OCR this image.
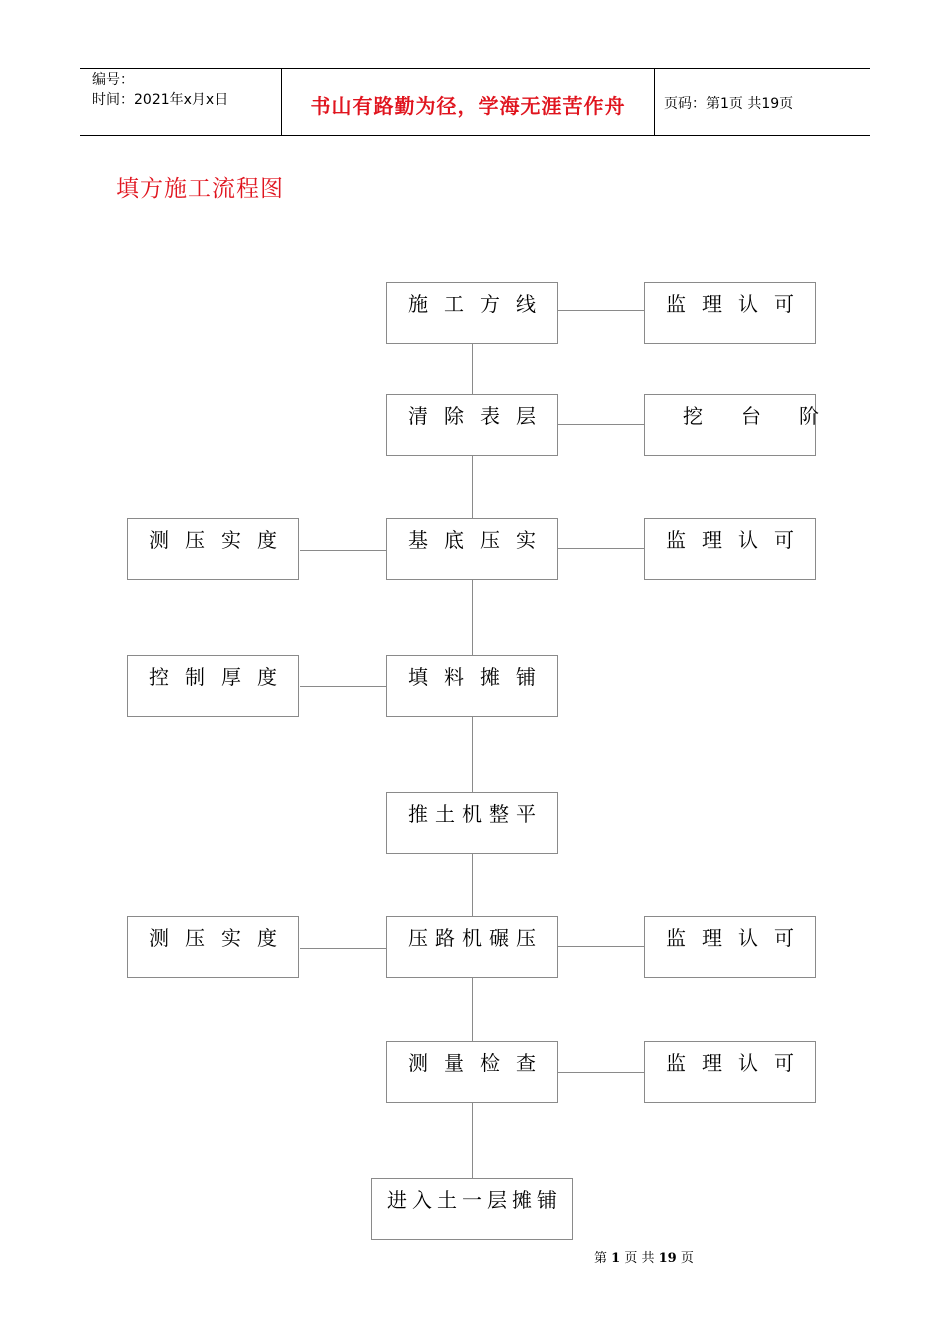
编号：
时间：2021年x月x日	书山有路勤为径，学海无涯苦作舟	页码：第1页 共19页
填方施工流程图
施工方线
清除表层
基底压实
填料摊铺
推土机整平
压路机碾压
测量检查
进入土一层摊铺
监理认可
挖台阶
监理认可
监理认可
监理认可
测压实度
控制厚度
测压实度
第 1 页 共 19 页
